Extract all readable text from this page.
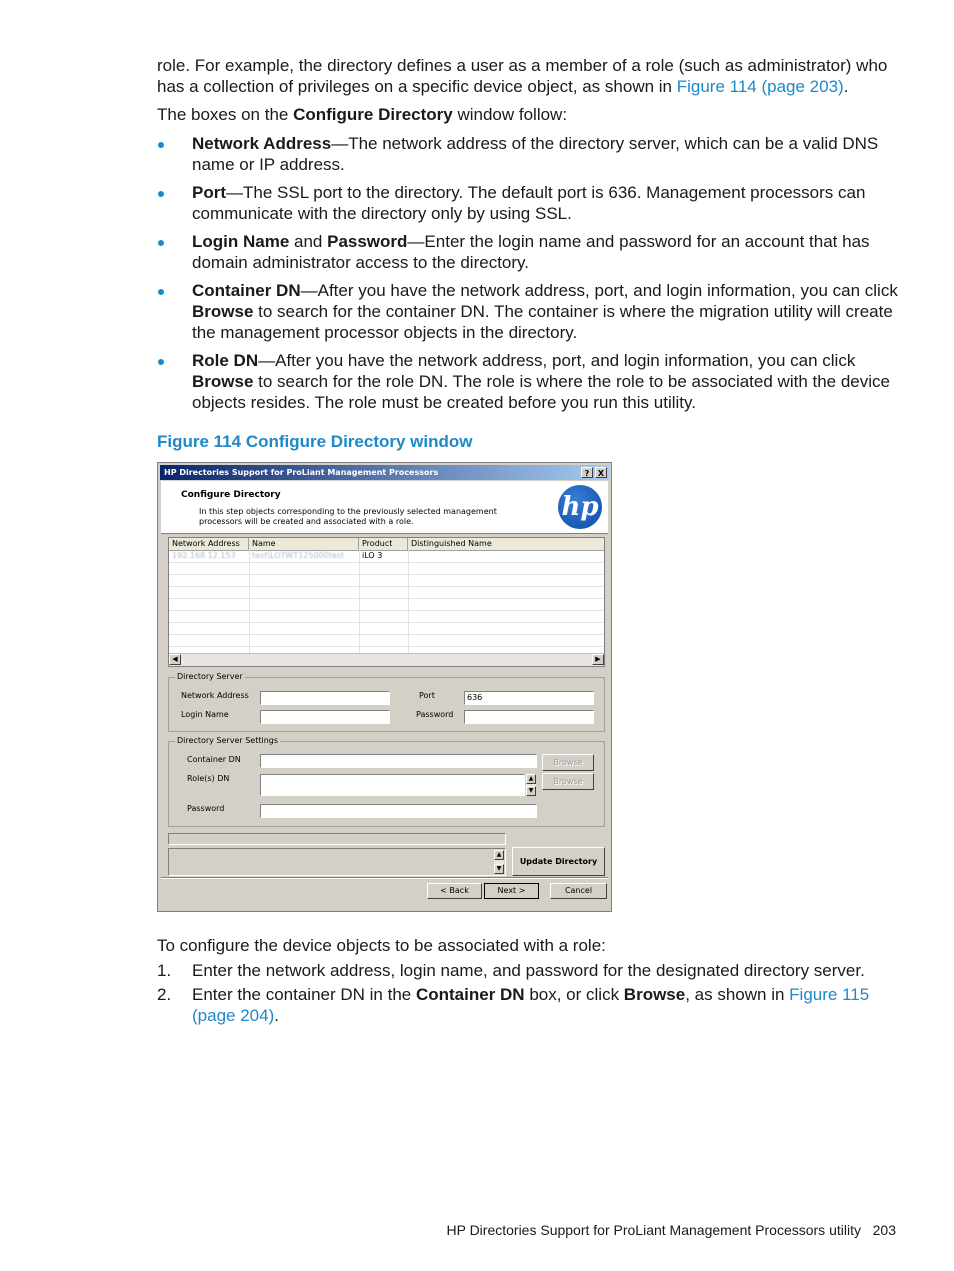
role. For example, the directory defines a user as a member of a role (such as administrator) who

has a collection of privileges on a specific device object, as shown in Figure 114 (page 203).

The boxes on the Configure Directory window follow:
Network Address—The network address of the directory server, which can be a valid DNS name or IP address.
Port—The SSL port to the directory. The default port is 636. Management processors can communicate with the directory only by using SSL.
Login Name and Password—Enter the login name and password for an account that has domain administrator access to the directory.
Container DN—After you have the network address, port, and login information, you can click Browse to search for the container DN. The container is where the migration utility will create the management processor objects in the directory.
Role DN—After you have the network address, port, and login information, you can click Browse to search for the role DN. The role is where the role to be associated with the device objects resides. The role must be created before you run this utility.
Figure 114 Configure Directory window
HP Directories Support for ProLiant Management Processors	?	X
Configure Directory
In this step objects corresponding to the previously selected management processors will be created and associated with a role.	hp
Network Address	Name	Product	Distinguished Name
192.168.12.153	test\LOTWT125000test	iLO 3
◀	▶
Directory Server
Network Address	Port	636
Login Name	Password
Directory Server Settings
Container DN	Browse
Role(s) DN	▲
▼
Browse
Password
▲
▼
Update Directory
< Back	Next >	Cancel
To configure the device objects to be associated with a role:
1. Enter the network address, login name, and password for the designated directory server.
2. Enter the container DN in the Container DN box, or click Browse, as shown in Figure 115 (page 204).
HP Directories Support for ProLiant Management Processors utility 203
